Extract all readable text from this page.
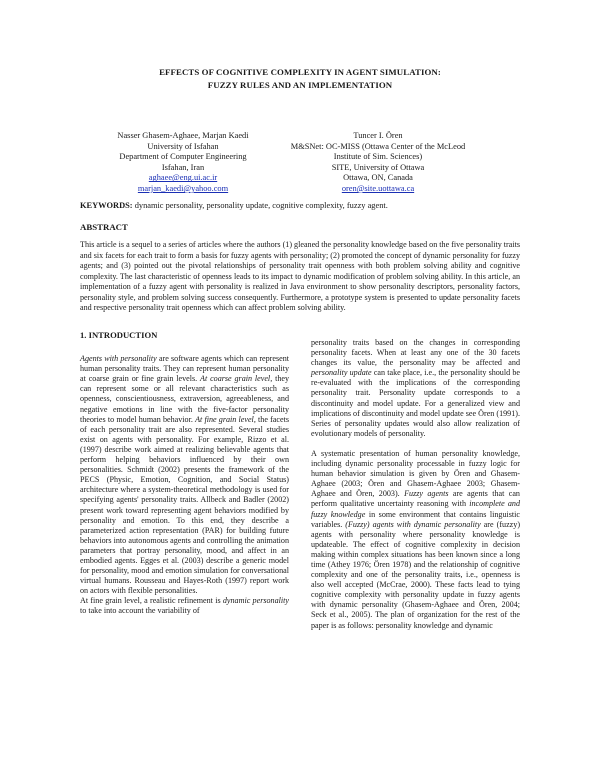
EFFECTS OF COGNITIVE COMPLEXITY IN AGENT SIMULATION:
FUZZY RULES AND AN IMPLEMENTATION
Nasser Ghasem-Aghaee, Marjan Kaedi
University of Isfahan
Department of Computer Engineering
Isfahan, Iran
aghaee@eng.ui.ac.ir
marjan_kaedi@yahoo.com
Tuncer I. Ören
M&SNet: OC-MISS (Ottawa Center of the McLeod
Institute of Sim. Sciences)
SITE, University of Ottawa
Ottawa, ON, Canada
oren@site.uottawa.ca
KEYWORDS: dynamic personality, personality update, cognitive complexity, fuzzy agent.
ABSTRACT

This article is a sequel to a series of articles where the authors (1) gleaned the personality knowledge based on the five personality traits and six facets for each trait to form a basis for fuzzy agents with personality; (2) promoted the concept of dynamic personality for fuzzy agents; and (3) pointed out the pivotal relationships of personality trait openness with both problem solving ability and cognitive complexity. The last characteristic of openness leads to its impact to dynamic modification of problem solving ability. In this article, an implementation of a fuzzy agent with personality is realized in Java environment to show personality descriptors, personality factors, personality style, and problem solving success consequently. Furthermore, a prototype system is presented to update personality facets and respective personality trait openness which can affect problem solving ability.

1. INTRODUCTION

Agents with personality are software agents which can represent human personality traits. They can represent human personality at coarse grain or fine grain levels. At coarse grain level, they can represent some or all relevant characteristics such as openness, conscientiousness, extraversion, agreeableness, and negative emotions in line with the five-factor personality theories to model human behavior. At fine grain level, the facets of each personality trait are also represented. Several studies exist on agents with personality. For example, Rizzo et al. (1997) describe work aimed at realizing believable agents that perform helping behaviors influenced by their own personalities. Schmidt (2002) presents the framework of the PECS (Physic, Emotion, Cognition, and Social Status) architecture where a system-theoretical methodology is used for specifying agents' personality traits. Allbeck and Badler (2002) present work toward representing agent behaviors modified by personality and emotion. To this end, they describe a parameterized action representation (PAR) for building future behaviors into autonomous agents and controlling the animation parameters that portray personality, mood, and affect in an embodied agents. Egges et al. (2003) describe a generic model for personality, mood and emotion simulation for conversational virtual humans. Rousseau and Hayes-Roth (1997) report work on actors with flexible personalities.

At fine grain level, a realistic refinement is dynamic personality to take into account the variability of

personality traits based on the changes in corresponding personality facets. When at least any one of the 30 facets changes its value, the personality may be affected and personality update can take place, i.e., the personality should be re-evaluated with the implications of the corresponding personality trait. Personality update corresponds to a discontinuity and model update. For a generalized view and implications of discontinuity and model update see Ören (1991). Series of personality updates would also allow realization of evolutionary models of personality.

A systematic presentation of human personality knowledge, including dynamic personality processable in fuzzy logic for human behavior simulation is given by Ören and Ghasem-Aghaee (2003; Ören and Ghasem-Aghaee 2003; Ghasem-Aghaee and Ören, 2003). Fuzzy agents are agents that can perform qualitative uncertainty reasoning with incomplete and fuzzy knowledge in some environment that contains linguistic variables. (Fuzzy) agents with dynamic personality are (fuzzy) agents with personality where personality knowledge is updateable. The effect of cognitive complexity in decision making within complex situations has been known since a long time (Athey 1976; Ören 1978) and the relationship of cognitive complexity and one of the personality traits, i.e., openness is also well accepted (McCrae, 2000). These facts lead to tying cognitive complexity with personality update in fuzzy agents with dynamic personality (Ghasem-Aghaee and Ören, 2004; Seck et al., 2005). The plan of organization for the rest of the paper is as follows: personality knowledge and dynamic
